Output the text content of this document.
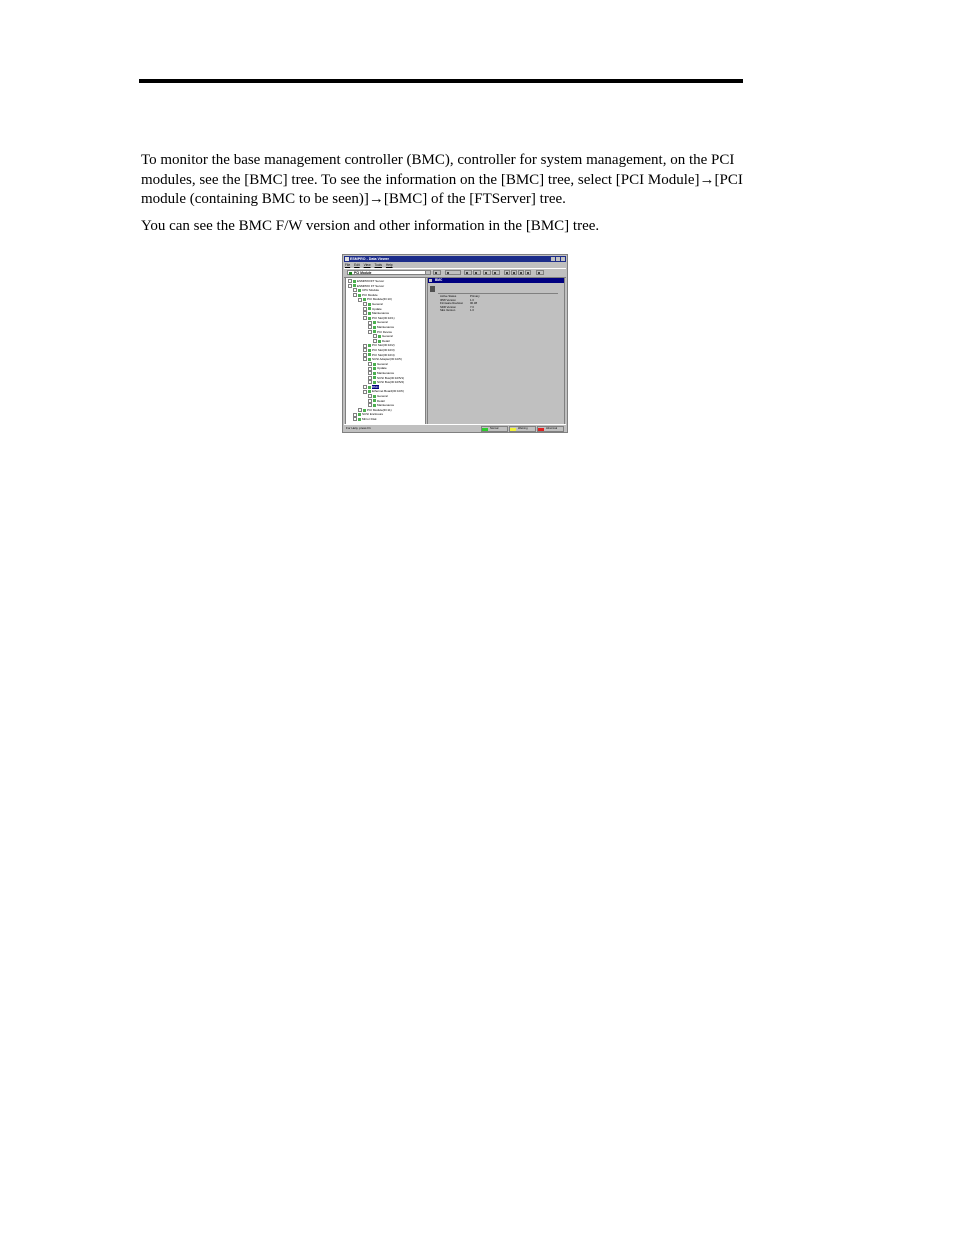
To monitor the base management controller (BMC), controller for system management, on the PCI modules, see the [BMC] tree. To see the information on the [BMC] tree, select [PCI Module]→[PCI module (containing BMC to be seen)]→[BMC] of the [FTServer] tree.

You can see the BMC F/W version and other information in the [BMC] tree.

ESMPRO - Data Viewer
File Edit View Tools Help
PCI Module
ESMPRO/FT Server
ESMPRO FT Server
CPU Module
PCI Module
PCI Module(ID:10)
General
Update
Maintenance
PCI Slot(ID:10/1)
General
Maintenance
PCI Device
General
Detail
PCI Slot(ID:10/2)
PCI Slot(ID:10/3)
PCI Slot(ID:10/4)
SCSI Adapter(ID:10/5)
General
Update
Maintenance
SCSI Bus(ID:10/5/1)
SCSI Bus(ID:10/5/2)
BMC
Ethernet Board(ID:10/6)
General
Detail
Maintenance
PCI Module(ID:11)
SCSI Enclosure
Mirror Disk
BMC
Active Status	Primary
IPMI Version	1.0
Firmware Revision	00.38
SDR Version	7.0
SEL Version	1.0
For Help, press F1	Normal	Warning	Abnormal
